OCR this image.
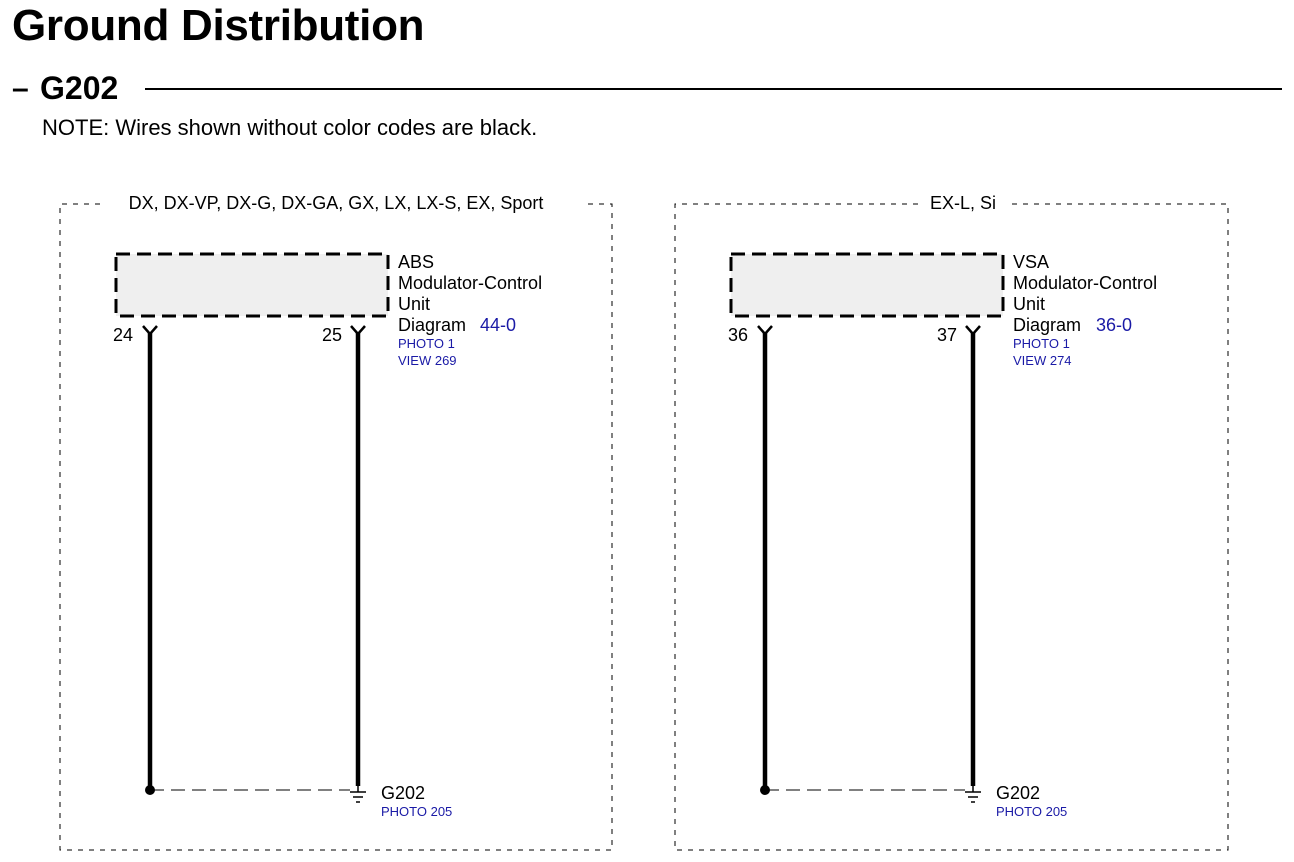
Ground Distribution
– G202
NOTE: Wires shown without color codes are black.
DX, DX-VP, DX-G, DX-GA, GX, LX, LX-S, EX, Sport
ABS
Modulator-Control
Unit
Diagram 44-0
PHOTO 1
VIEW 269
24	25
G202
PHOTO 205
EX-L, Si
VSA
Modulator-Control
Unit
Diagram 36-0
PHOTO 1
VIEW 274
36	37
G202
PHOTO 205
